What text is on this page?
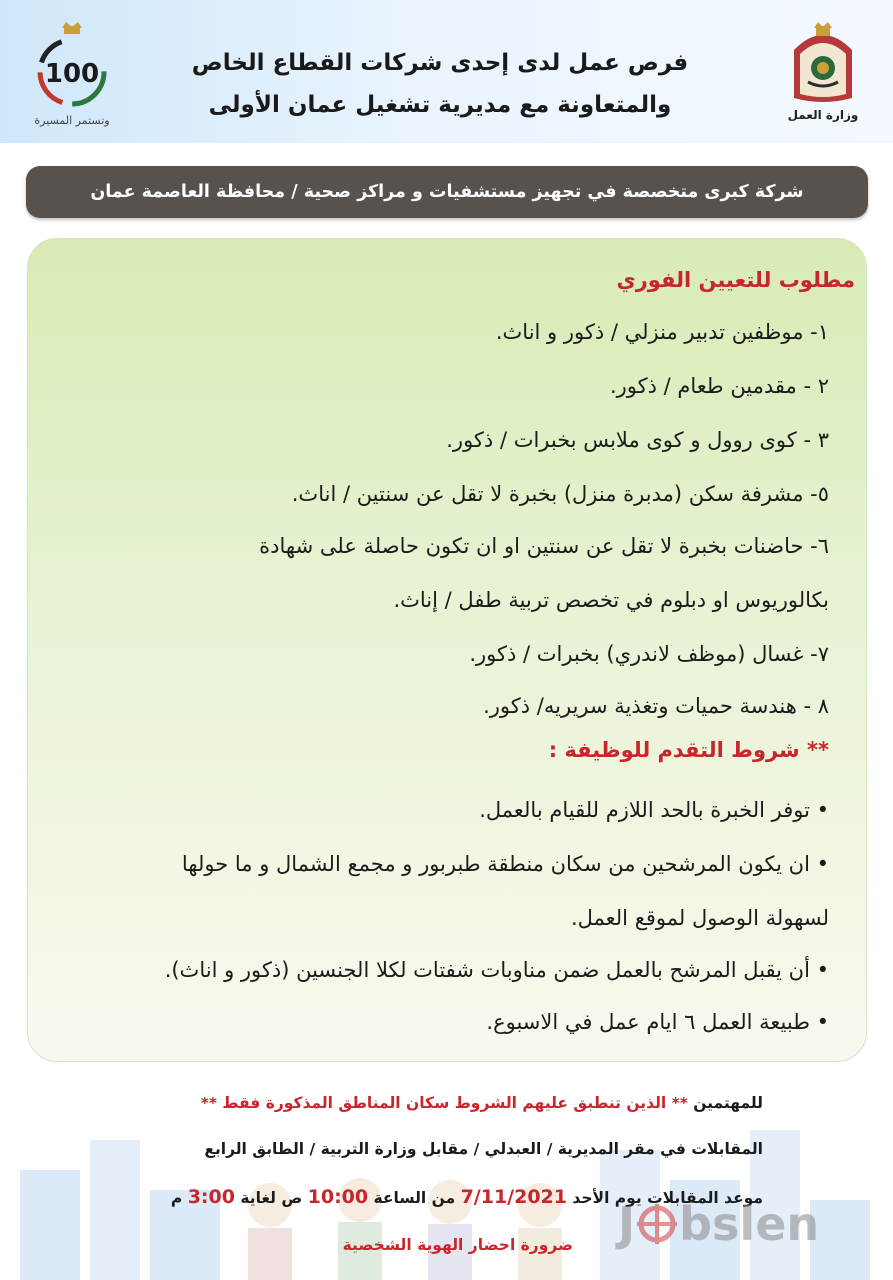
فرص عمل لدى إحدى شركات القطاع الخاص
والمتعاونة مع مديرية تشغيل عمان الأولى	وزارة العمل
100
وتستمر المسيرة
شركة كبرى متخصصة في تجهيز مستشفيات و مراكز صحية / محافظة العاصمة عمان
مطلوب للتعيين الفوري
١- موظفين تدبير منزلي / ذكور و اناث.
٢ - مقدمين طعام / ذكور.
٣ - كوى روول و كوى ملابس بخبرات / ذكور.
٥- مشرفة سكن (مدبرة منزل) بخبرة لا تقل عن سنتين / اناث.
٦- حاضنات بخبرة لا تقل عن سنتين او ان تكون حاصلة على شهادة
بكالوريوس او دبلوم في تخصص تربية طفل / إناث.
٧- غسال (موظف لاندري) بخبرات / ذكور.
٨ - هندسة حميات وتغذية سريريه/ ذكور.
** شروط التقدم للوظيفة :
• توفر الخبرة بالحد اللازم للقيام بالعمل.
• ان يكون المرشحين من سكان منطقة طبربور و مجمع الشمال و ما حولها
لسهولة الوصول لموقع العمل.
• أن يقبل المرشح بالعمل ضمن مناوبات شفتات لكلا الجنسين (ذكور و اناث).
• طبيعة العمل ٦ ايام عمل في الاسبوع.
للمهتمين ** الذين تنطبق عليهم الشروط سكان المناطق المذكورة فقط **
المقابلات في مقر المديرية / العبدلي / مقابل وزارة التربية / الطابق الرابع
موعد المقابلات يوم الأحد 7/11/2021 من الساعة 10:00 ص لغاية 3:00 م
ضرورة احضار الهوية الشخصية J bslen
